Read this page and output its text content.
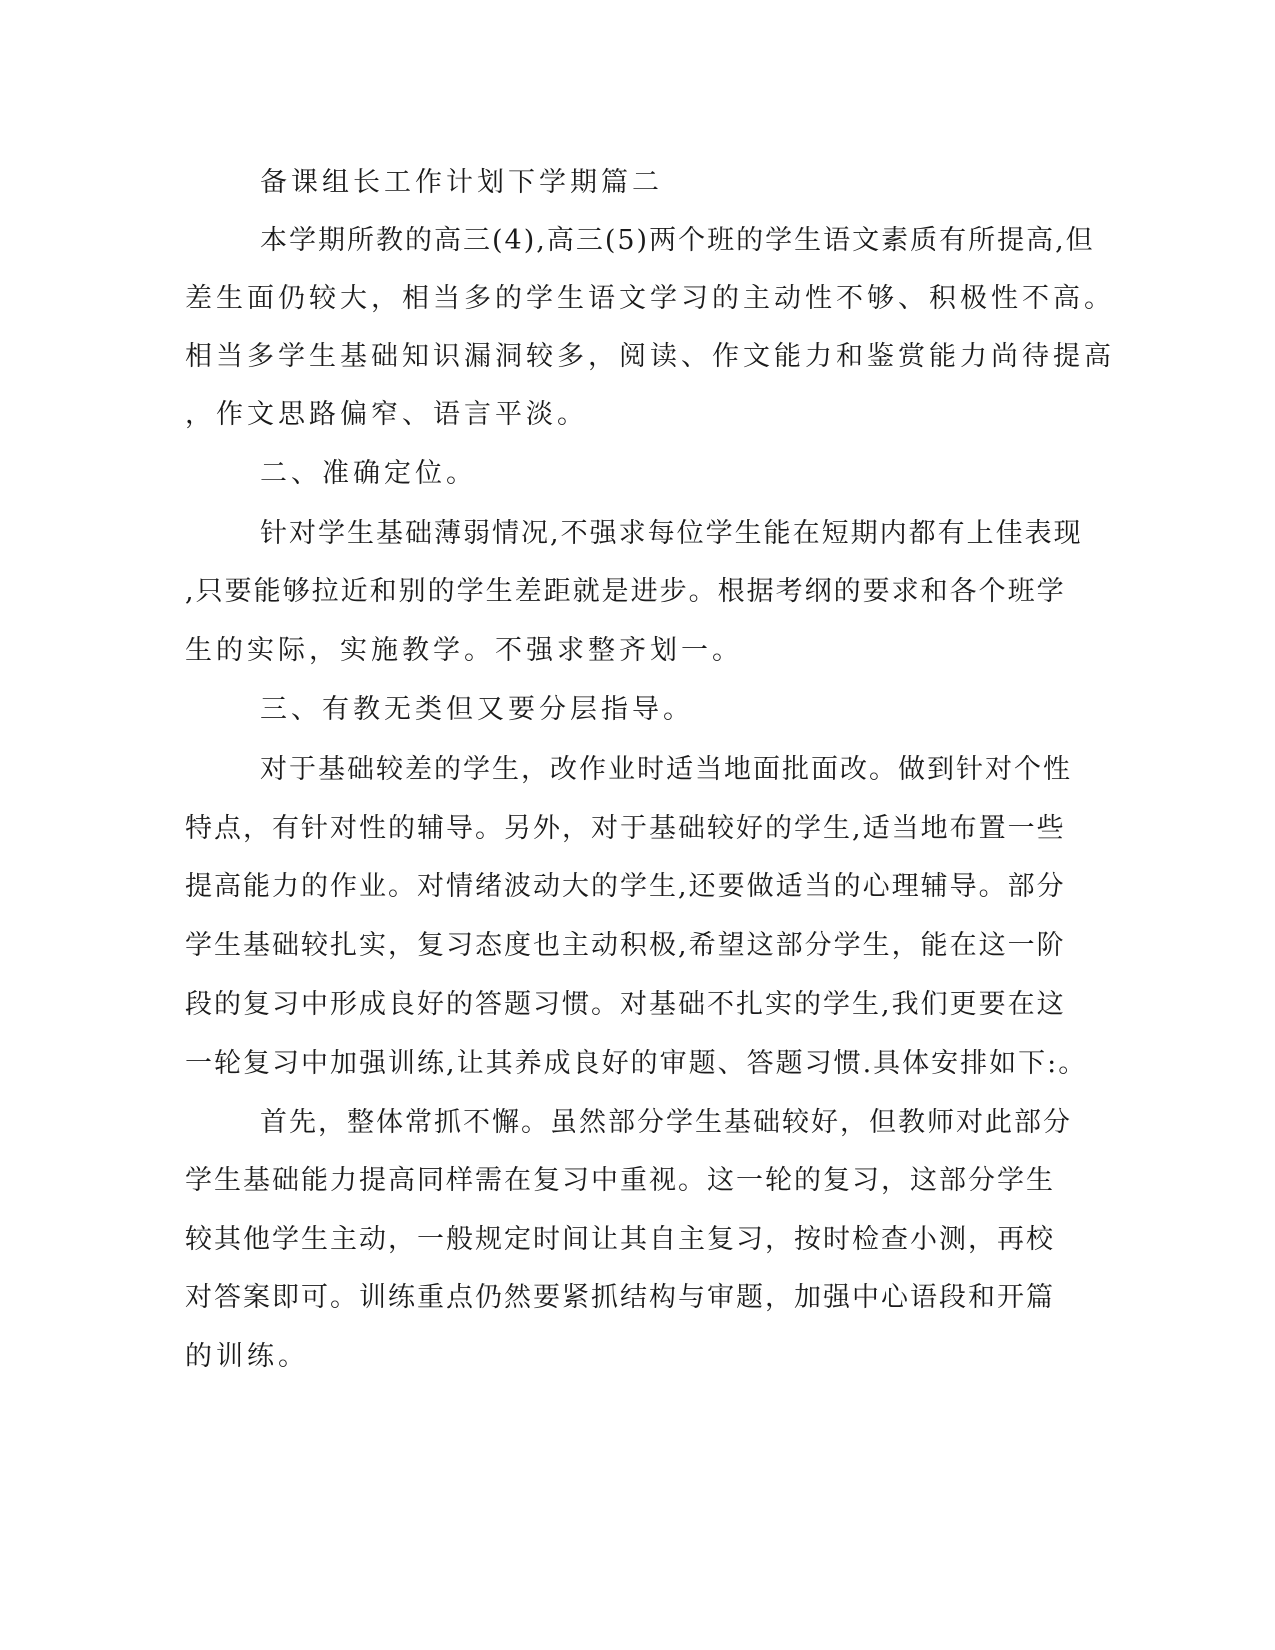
备课组长工作计划下学期篇二
本学期所教的高三(4),高三(5)两个班的学生语文素质有所提高,但
差生面仍较大，相当多的学生语文学习的主动性不够、积极性不高。
相当多学生基础知识漏洞较多，阅读、作文能力和鉴赏能力尚待提高
，作文思路偏窄、语言平淡。
二、准确定位。
针对学生基础薄弱情况,不强求每位学生能在短期内都有上佳表现
,只要能够拉近和别的学生差距就是进步。根据考纲的要求和各个班学
生的实际，实施教学。不强求整齐划一。
三、有教无类但又要分层指导。
对于基础较差的学生，改作业时适当地面批面改。做到针对个性
特点，有针对性的辅导。另外，对于基础较好的学生,适当地布置一些
提高能力的作业。对情绪波动大的学生,还要做适当的心理辅导。部分
学生基础较扎实，复习态度也主动积极,希望这部分学生，能在这一阶
段的复习中形成良好的答题习惯。对基础不扎实的学生,我们更要在这
一轮复习中加强训练,让其养成良好的审题、答题习惯.具体安排如下:。
首先，整体常抓不懈。虽然部分学生基础较好，但教师对此部分
学生基础能力提高同样需在复习中重视。这一轮的复习，这部分学生
较其他学生主动，一般规定时间让其自主复习，按时检查小测，再校
对答案即可。训练重点仍然要紧抓结构与审题，加强中心语段和开篇
的训练。
